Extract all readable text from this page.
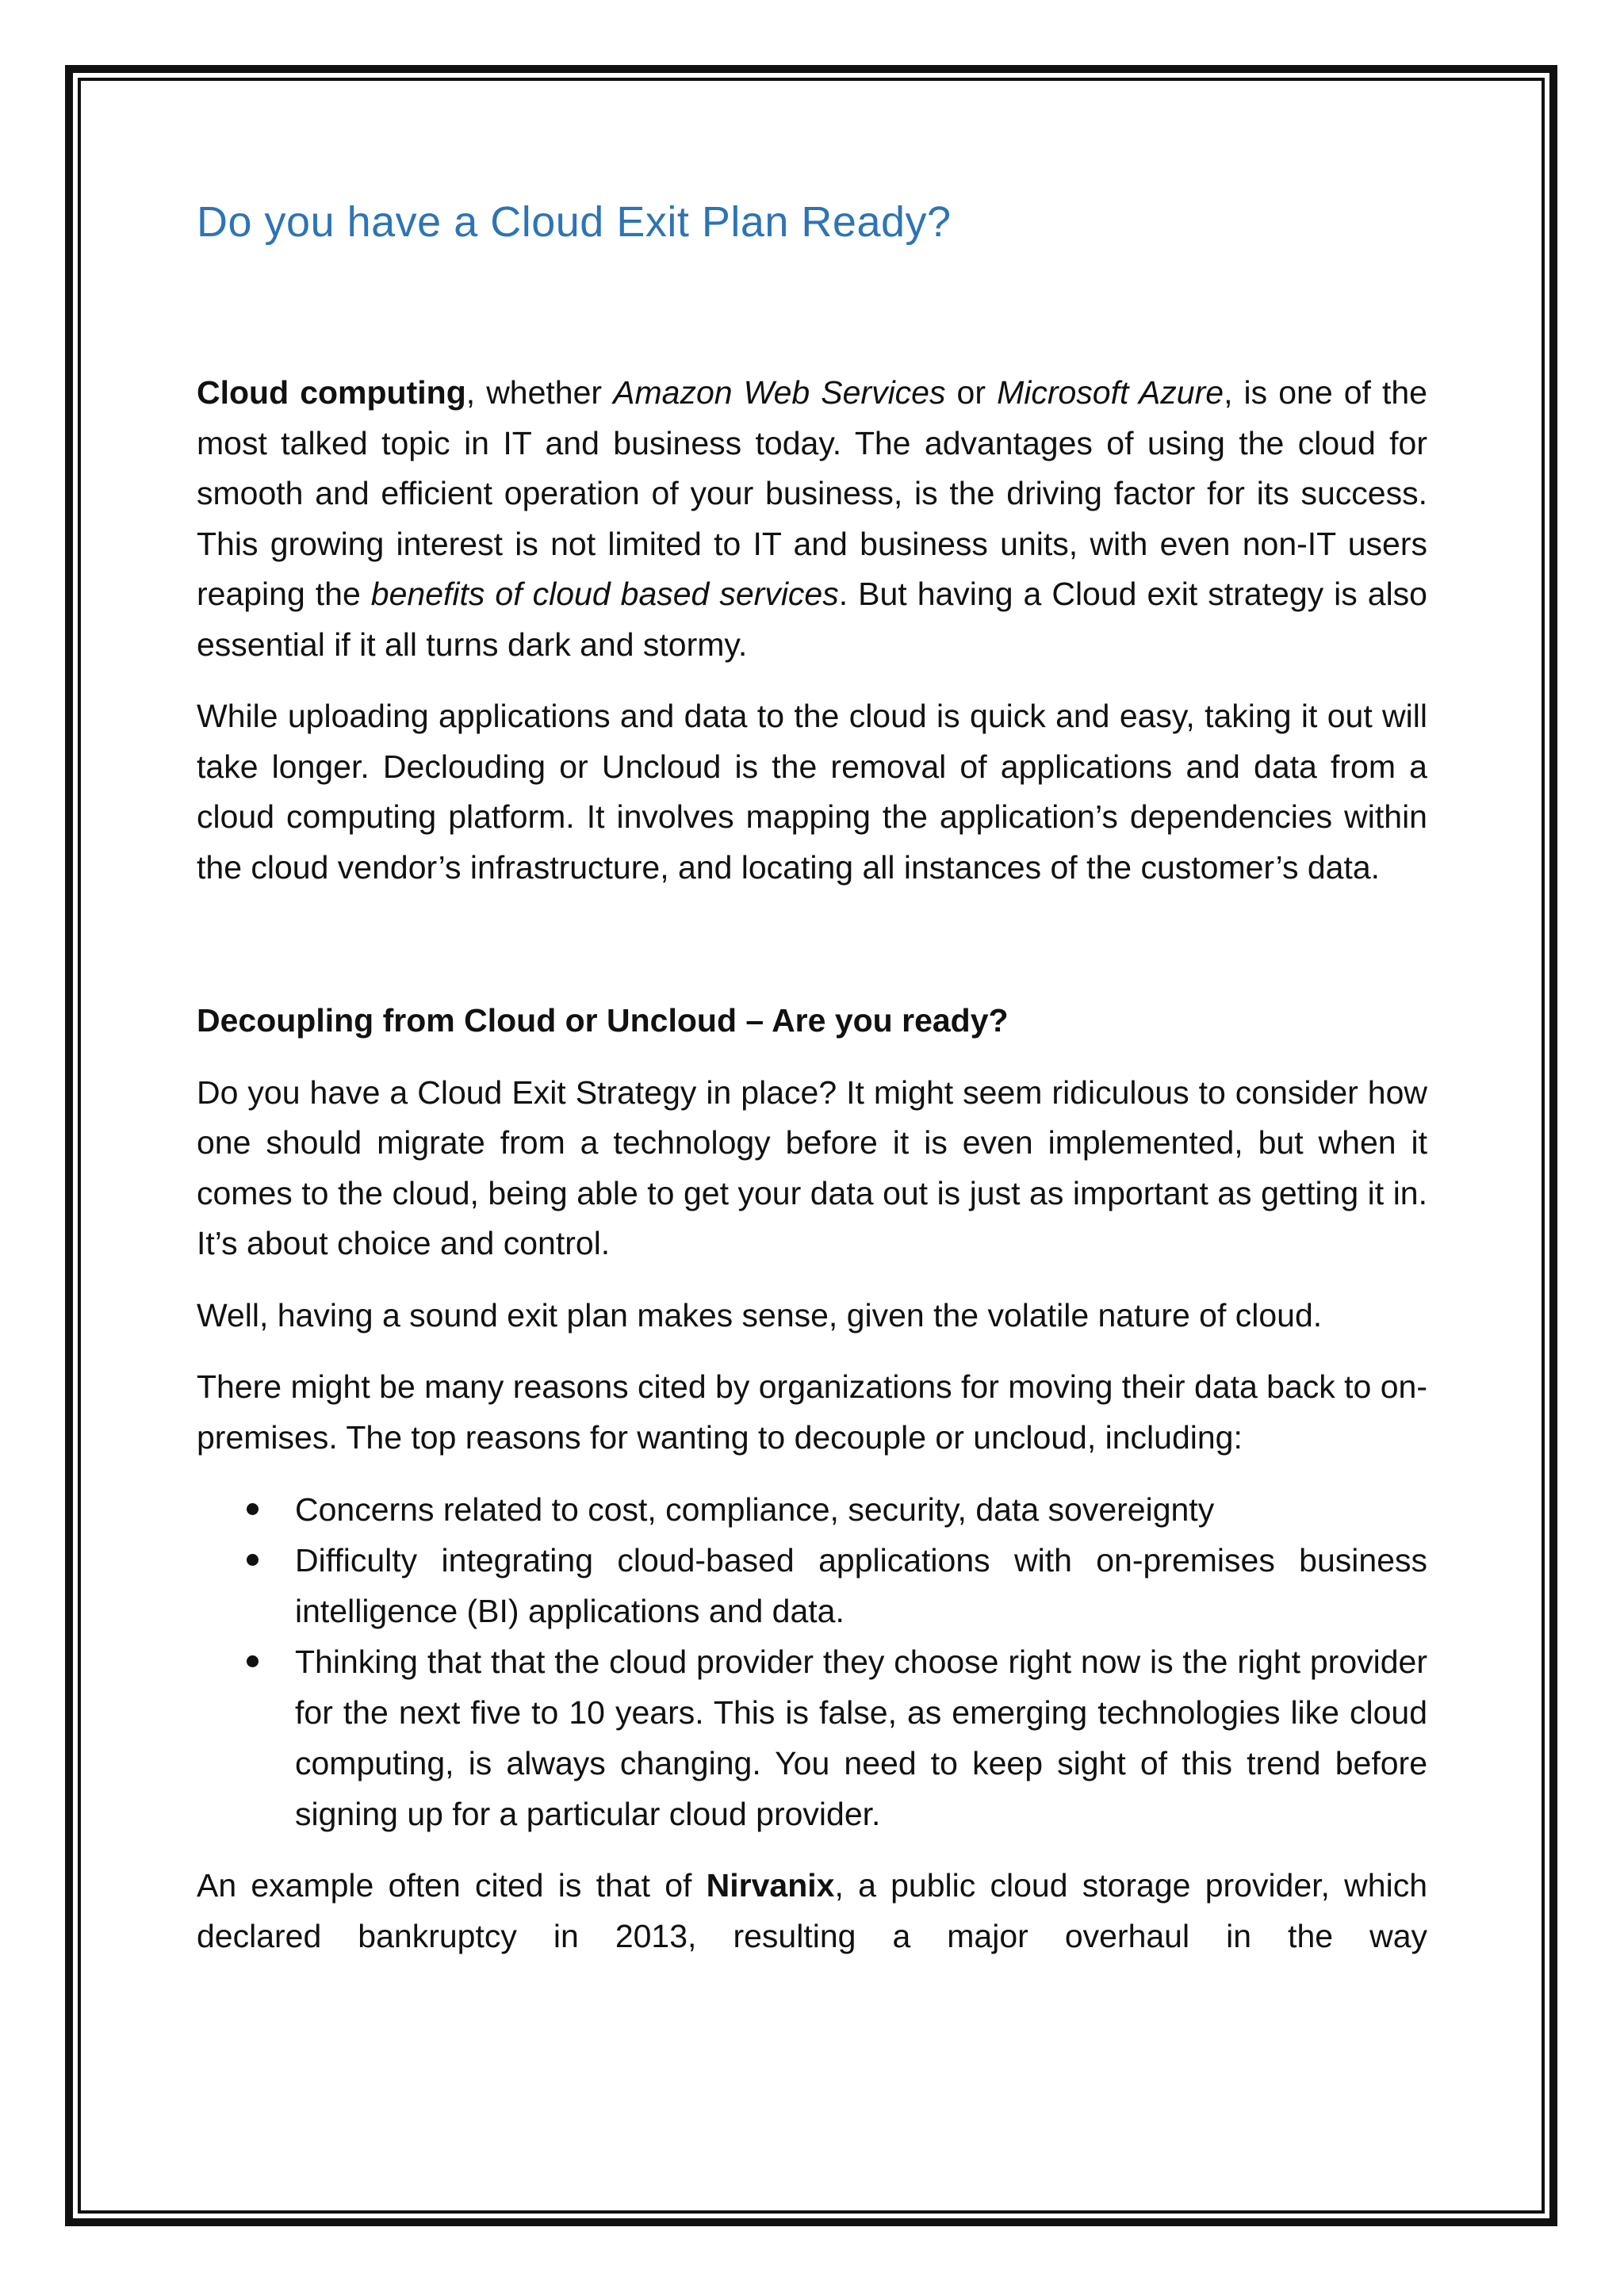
Do you have a Cloud Exit Plan Ready?

Cloud computing, whether Amazon Web Services or Microsoft Azure, is one of the most talked topic in IT and business today. The advantages of using the cloud for smooth and efficient operation of your business, is the driving factor for its success. This growing interest is not limited to IT and business units, with even non-IT users reaping the benefits of cloud based services. But having a Cloud exit strategy is also essential if it all turns dark and stormy.

While uploading applications and data to the cloud is quick and easy, taking it out will take longer. Declouding or Uncloud is the removal of applications and data from a cloud computing platform. It involves mapping the application’s dependencies within the cloud vendor’s infrastructure, and locating all instances of the customer’s data.

Decoupling from Cloud or Uncloud – Are you ready?

Do you have a Cloud Exit Strategy in place? It might seem ridiculous to consider how one should migrate from a technology before it is even implemented, but when it comes to the cloud, being able to get your data out is just as important as getting it in. It’s about choice and control.

Well, having a sound exit plan makes sense, given the volatile nature of cloud.

There might be many reasons cited by organizations for moving their data back to on-premises. The top reasons for wanting to decouple or uncloud, including:

Concerns related to cost, compliance, security, data sovereignty
Difficulty integrating cloud-based applications with on-premises business intelligence (BI) applications and data.
Thinking that that the cloud provider they choose right now is the right provider for the next five to 10 years. This is false, as emerging technologies like cloud computing, is always changing. You need to keep sight of this trend before signing up for a particular cloud provider.

An example often cited is that of Nirvanix, a public cloud storage provider, which declared bankruptcy in 2013, resulting a major overhaul in the way
